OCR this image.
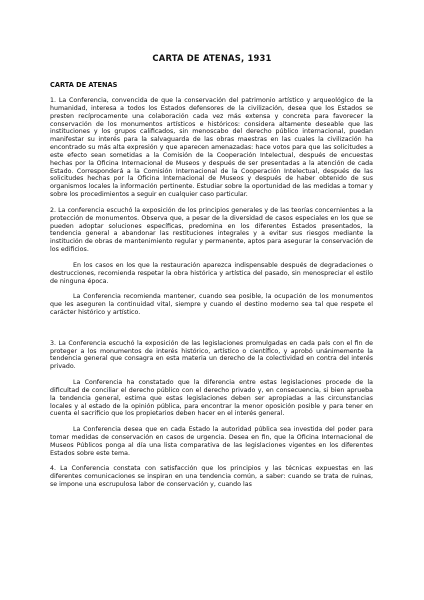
CARTA DE ATENAS, 1931
CARTA DE ATENAS

1. La Conferencia, convencida de que la conservación del patrimonio artístico y arqueológico de la humanidad, interesa a todos los Estados defensores de la civilización, desea que los Estados se presten recíprocamente una colaboración cada vez más extensa y concreta para favorecer la conservación de los monumentos artísticos e históricos: considera altamente deseable que las instituciones y los grupos calificados, sin menoscabo del derecho público internacional, puedan manifestar su interés para la salvaguarda de las obras maestras en las cuales la civilización ha encontrado su más alta expresión y que aparecen amenazadas: hace votos para que las solicitudes a este efecto sean sometidas a la Comisión de la Cooperación Intelectual, después de encuestas hechas por la Oficina Internacional de Museos y después de ser presentadas a la atención de cada Estado. Corresponderá a la Comisión Internacional de la Cooperación Intelectual, después de las solicitudes hechas por la Oficina Internacional de Museos y después de haber obtenido de sus organismos locales la información pertinente. Estudiar sobre la oportunidad de las medidas a tomar y sobre los procedimientos a seguir en cualquier caso particular.

2. La conferencia escuchó la exposición de los principios generales y de las teorías concernientes a la protección de monumentos. Observa que, a pesar de la diversidad de casos especiales en los que se pueden adoptar soluciones específicas, predomina en los diferentes Estados presentados, la tendencia general a abandonar las restituciones integrales y a evitar sus riesgos mediante la institución de obras de mantenimiento regular y permanente, aptos para asegurar la conservación de los edificios.

En los casos en los que la restauración aparezca indispensable después de degradaciones o destrucciones, recomienda respetar la obra histórica y artística del pasado, sin menospreciar el estilo de ninguna época.

La Conferencia recomienda mantener, cuando sea posible, la ocupación de los monumentos que les aseguren la continuidad vital, siempre y cuando el destino moderno sea tal que respete el carácter histórico y artístico.

3. La Conferencia escuchó la exposición de las legislaciones promulgadas en cada país con el fin de proteger a los monumentos de interés histórico, artístico o científico, y aprobó unánimemente la tendencia general que consagra en esta materia un derecho de la colectividad en contra del interés privado.

La Conferencia ha constatado que la diferencia entre estas legislaciones procede de la dificultad de conciliar el derecho público con el derecho privado y, en consecuencia, si bien aprueba la tendencia general, estima que estas legislaciones deben ser apropiadas a las circunstancias locales y al estado de la opinión pública, para encontrar la menor oposición posible y para tener en cuenta el sacrificio que los propietarios deben hacer en el interés general.

La Conferencia desea que en cada Estado la autoridad pública sea investida del poder para tomar medidas de conservación en casos de urgencia. Desea en fin, que la Oficina Internacional de Museos Públicos ponga al día una lista comparativa de las legislaciones vigentes en los diferentes Estados sobre este tema.

4. La Conferencia constata con satisfacción que los principios y las técnicas expuestas en las diferentes comunicaciones se inspiran en una tendencia común, a saber: cuando se trata de ruinas, se impone una escrupulosa labor de conservación y, cuando las
